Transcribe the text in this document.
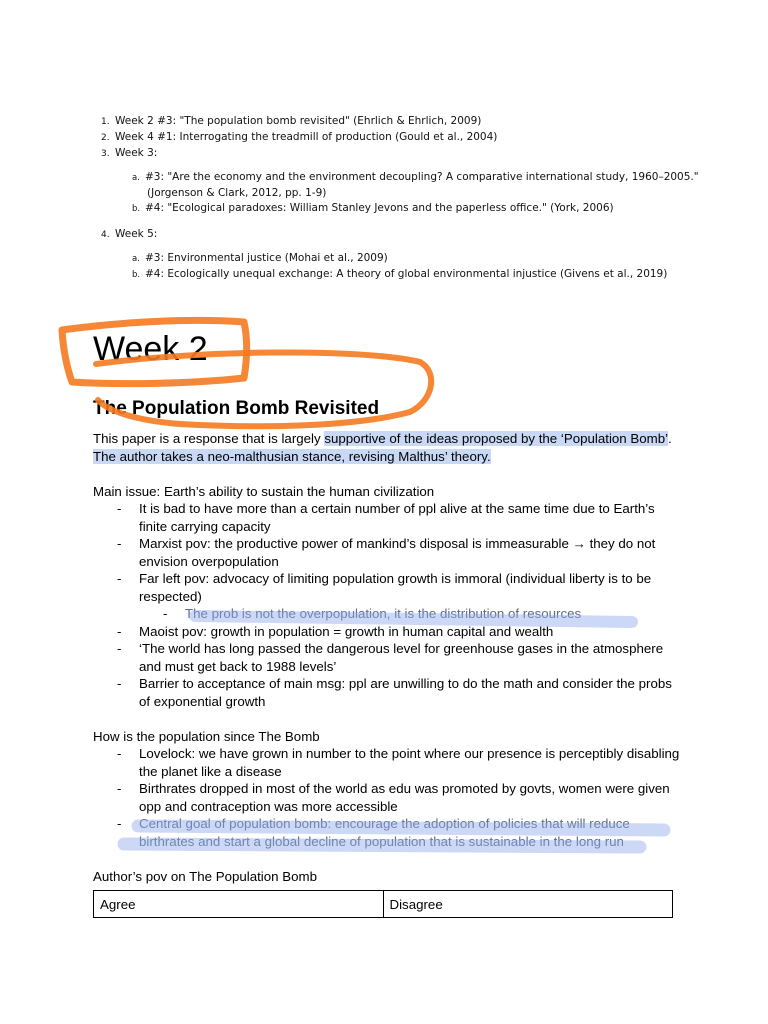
1. Week 2 #3: "The population bomb revisited" (Ehrlich & Ehrlich, 2009)
2. Week 4 #1: Interrogating the treadmill of production (Gould et al., 2004)
3. Week 3:
a. #3: "Are the economy and the environment decoupling? A comparative international study, 1960–2005."
(Jorgenson & Clark, 2012, pp. 1-9)
b. #4: "Ecological paradoxes: William Stanley Jevons and the paperless office." (York, 2006)
4. Week 5:
a. #3: Environmental justice (Mohai et al., 2009)
b. #4: Ecologically unequal exchange: A theory of global environmental injustice (Givens et al., 2019)
Week 2
The Population Bomb Revisited

This paper is a response that is largely supportive of the ideas proposed by the ‘Population Bomb’. The author takes a neo-malthusian stance, revising Malthus’ theory.

Main issue: Earth’s ability to sustain the human civilization

- It is bad to have more than a certain number of ppl alive at the same time due to Earth’s finite carrying capacity
- Marxist pov: the productive power of mankind’s disposal is immeasurable → they do not envision overpopulation
- Far left pov: advocacy of limiting population growth is immoral (individual liberty is to be respected)
- The prob is not the overpopulation, it is the distribution of resources
- Maoist pov: growth in population = growth in human capital and wealth
- ‘The world has long passed the dangerous level for greenhouse gases in the atmosphere and must get back to 1988 levels’
- Barrier to acceptance of main msg: ppl are unwilling to do the math and consider the probs of exponential growth

How is the population since The Bomb

- Lovelock: we have grown in number to the point where our presence is perceptibly disabling the planet like a disease
- Birthrates dropped in most of the world as edu was promoted by govts, women were given opp and contraception was more accessible
- Central goal of population bomb: encourage the adoption of policies that will reduce birthrates and start a global decline of population that is sustainable in the long run

Author’s pov on The Population Bomb

Agree	Disagree
